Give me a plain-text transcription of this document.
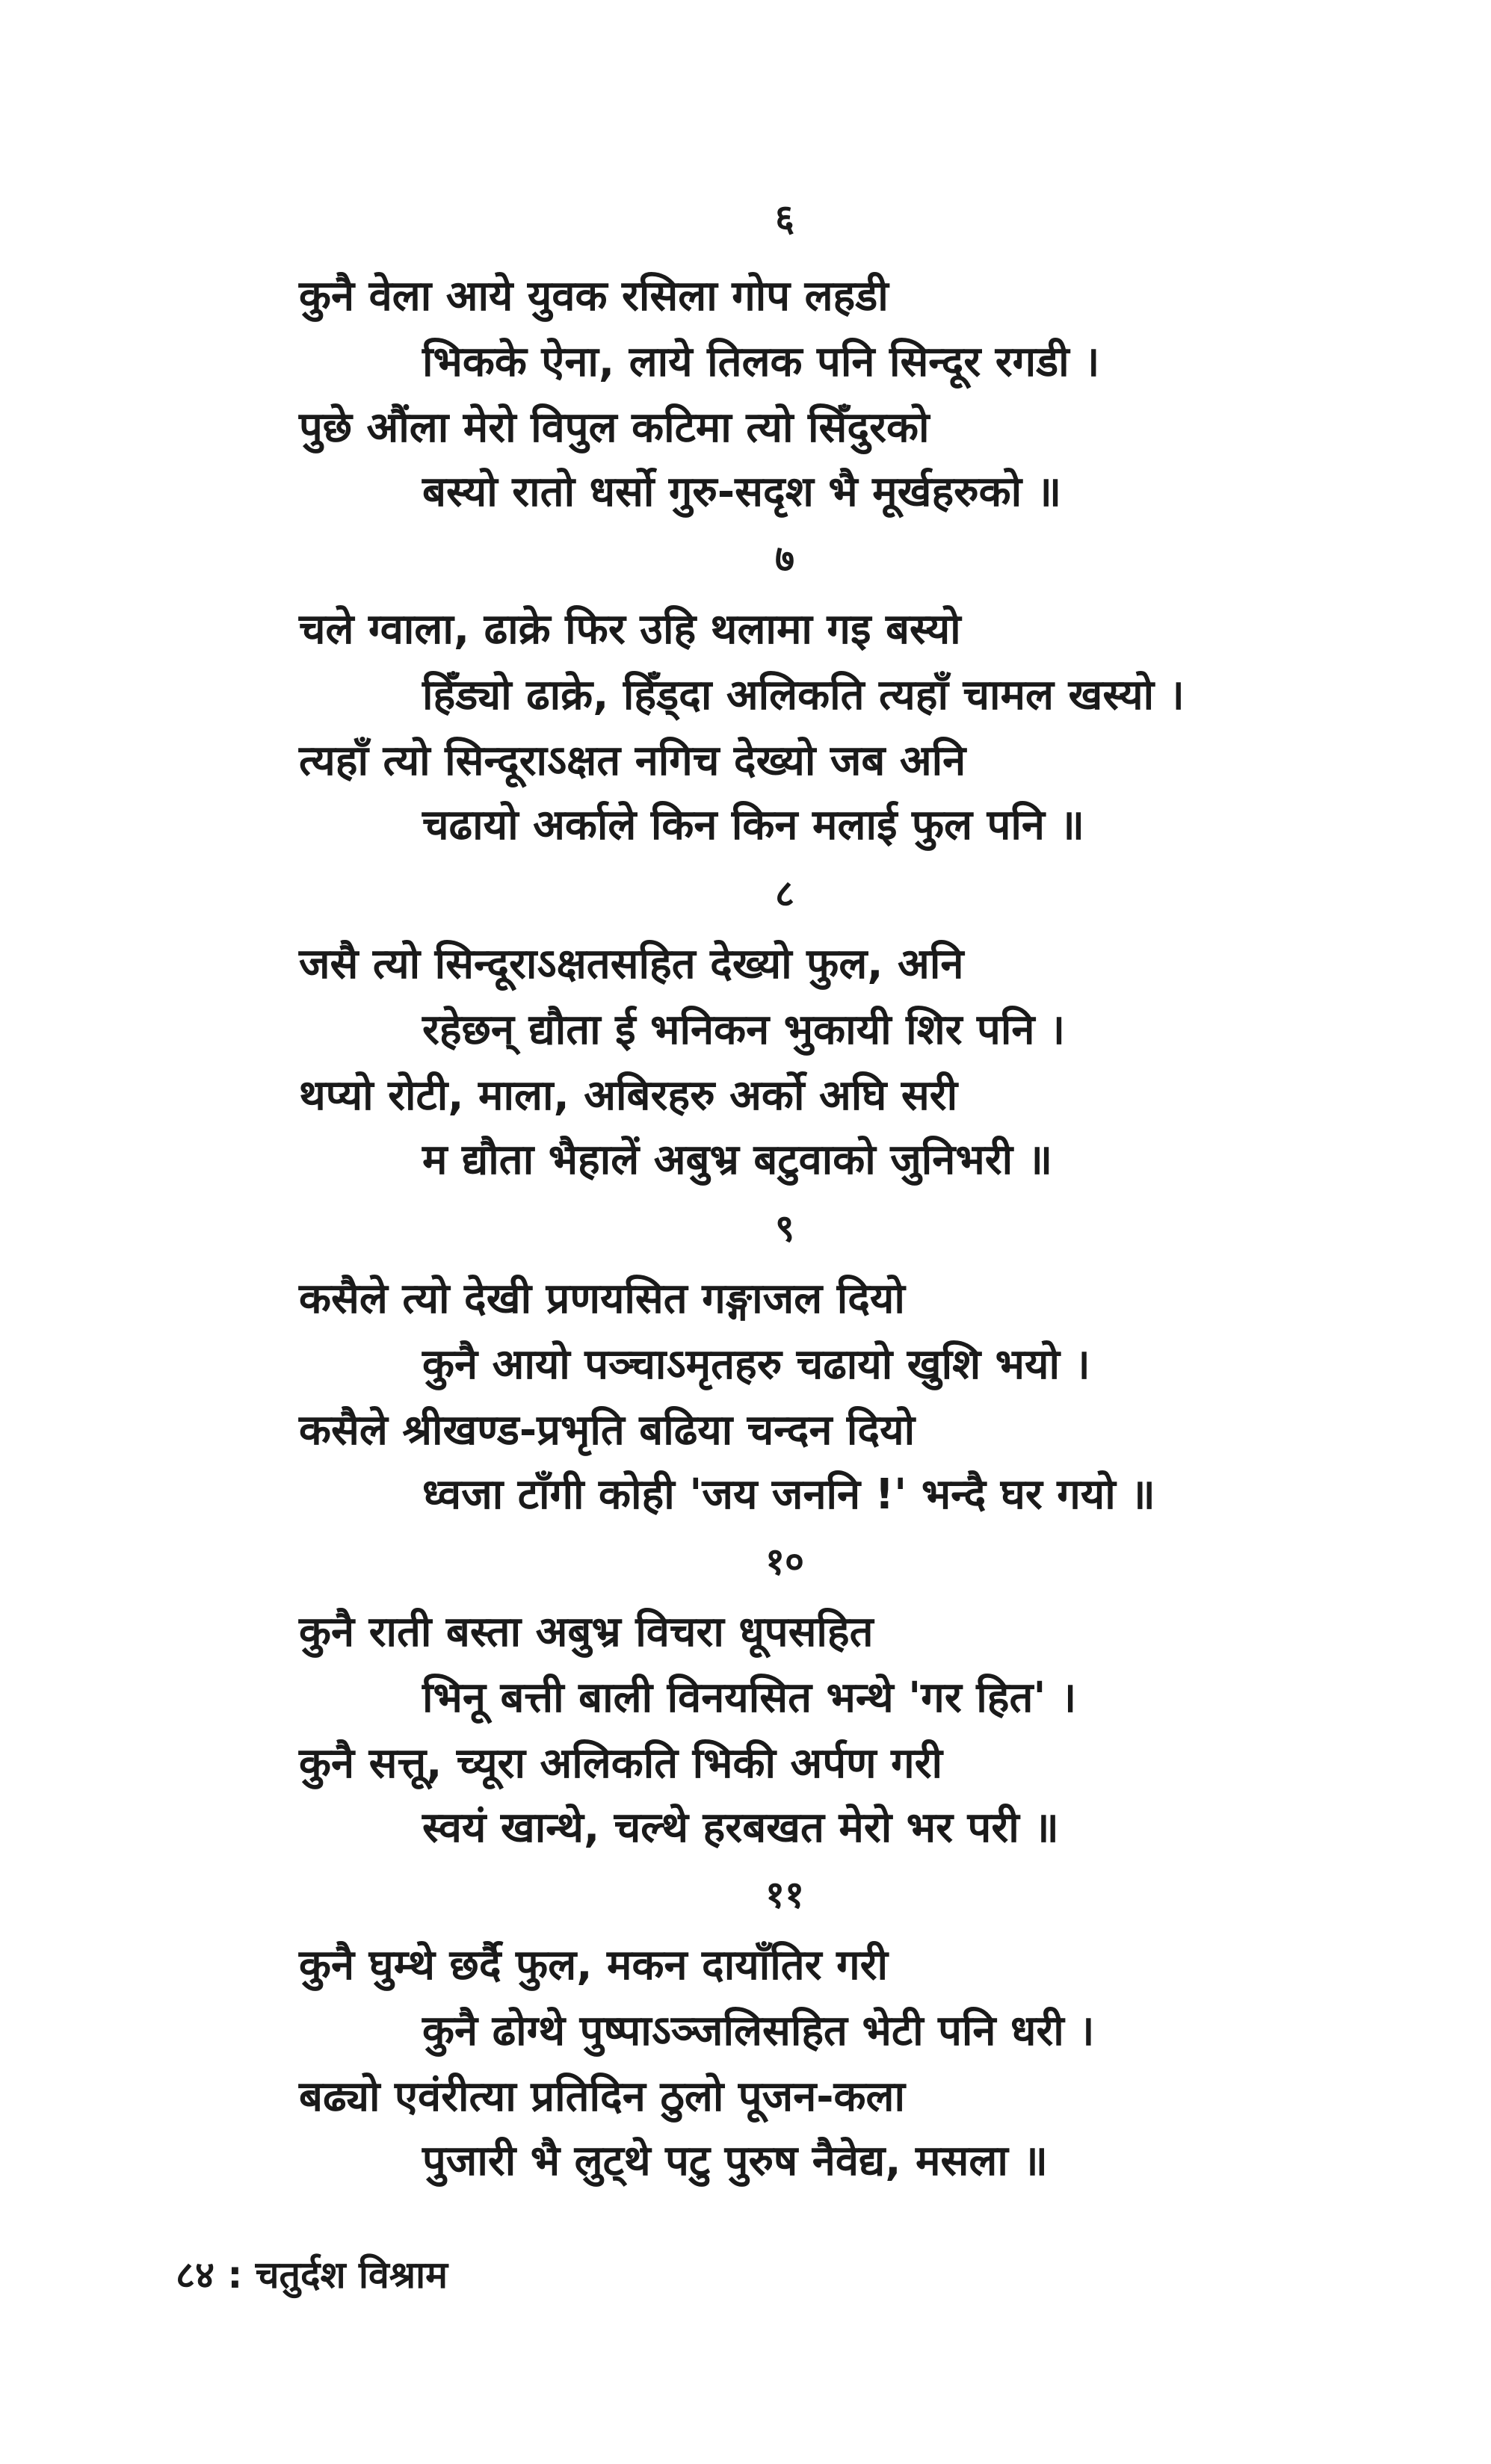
६
कुनै वेला आये युवक रसिला गोप लहडी
भिकके ऐना, लाये तिलक पनि सिन्दूर रगडी ।
पुछे औंला मेरो विपुल कटिमा त्यो सिँदुरको
बस्यो रातो धर्सो गुरु-सदृश भै मूर्खहरुको ॥
७
चले ग्वाला, ढाक्रे फिर उहि थलामा गइ बस्यो
हिँड्यो ढाक्रे, हिँड्दा अलिकति त्यहाँ चामल खस्यो ।
त्यहाँ त्यो सिन्दूराऽक्षत नगिच देख्यो जब अनि
चढायो अर्काले किन किन मलाई फुल पनि ॥
८
जसै त्यो सिन्दूराऽक्षतसहित देख्यो फुल, अनि
रहेछन् द्यौता ई भनिकन भुकायी शिर पनि ।
थप्यो रोटी, माला, अबिरहरु अर्को अघि सरी
म द्यौता भैहालें अबुभ्र बटुवाको जुनिभरी ॥
९
कसैले त्यो देखी प्रणयसित गङ्गाजल दियो
कुनै आयो पञ्चाऽमृतहरु चढायो खुशि भयो ।
कसैले श्रीखण्ड-प्रभृति बढिया चन्दन दियो
ध्वजा टाँगी कोही 'जय जननि !' भन्दै घर गयो ॥
१०
कुनै राती बस्ता अबुभ्र विचरा धूपसहित
भिनू बत्ती बाली विनयसित भन्थे 'गर हित' ।
कुनै सत्तू, च्यूरा अलिकति भिकी अर्पण गरी
स्वयं खान्थे, चल्थे हरबखत मेरो भर परी ॥
११
कुनै घुम्थे छर्दै फुल, मकन दायाँतिर गरी
कुनै ढोग्थे पुष्पाऽञ्जलिसहित भेटी पनि धरी ।
बढ्यो एवंरीत्या प्रतिदिन ठुलो पूजन-कला
पुजारी भै लुट्थे पटु पुरुष नैवेद्य, मसला ॥
८४ : चतुर्दश विश्राम
